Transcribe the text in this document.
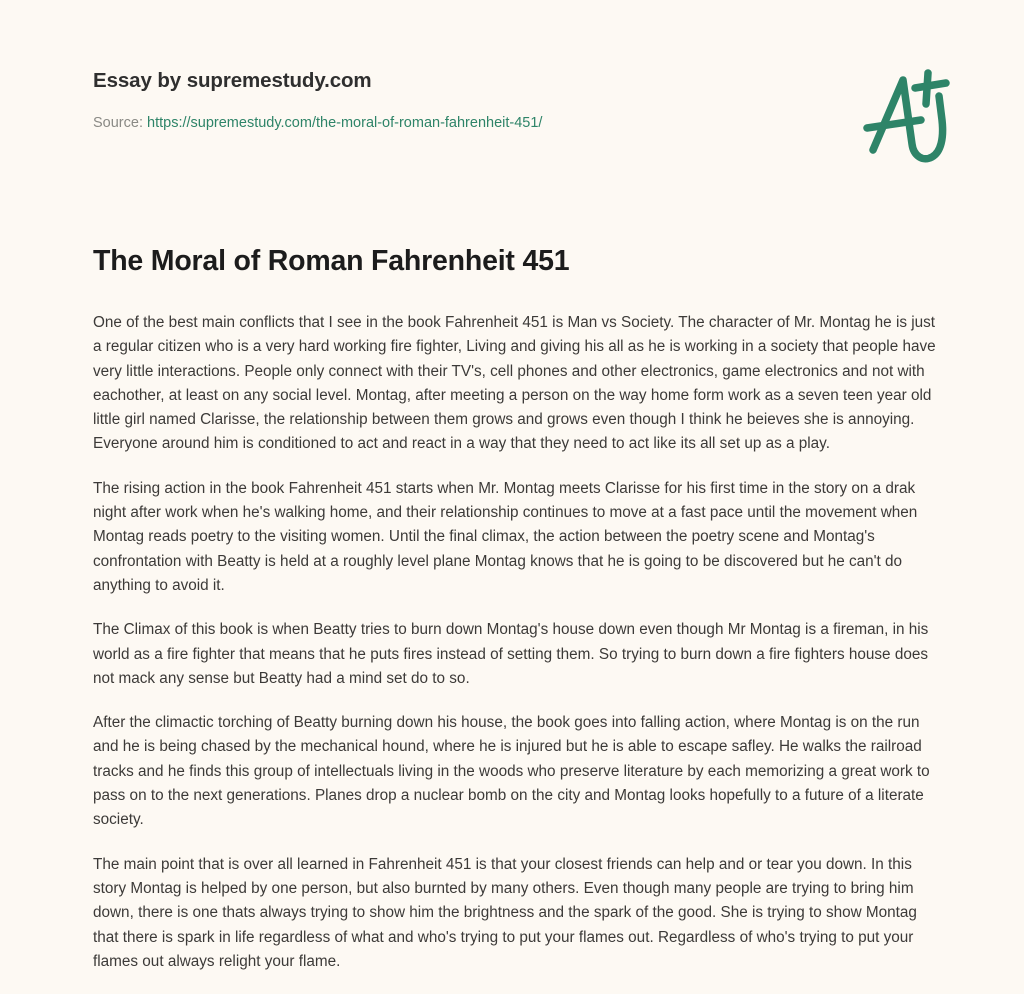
Essay by supremestudy.com
Source: https://supremestudy.com/the-moral-of-roman-fahrenheit-451/
The Moral of Roman Fahrenheit 451

One of the best main conflicts that I see in the book Fahrenheit 451 is Man vs Society. The character of Mr. Montag he is just a regular citizen who is a very hard working fire fighter, Living and giving his all as he is working in a society that people have very little interactions. People only connect with their TV's, cell phones and other electronics, game electronics and not with eachother, at least on any social level. Montag, after meeting a person on the way home form work as a seven teen year old little girl named Clarisse, the relationship between them grows and grows even though I think he beieves she is annoying. Everyone around him is conditioned to act and react in a way that they need to act like its all set up as a play.

The rising action in the book Fahrenheit 451 starts when Mr. Montag meets Clarisse for his first time in the story on a drak night after work when he's walking home, and their relationship continues to move at a fast pace until the movement when Montag reads poetry to the visiting women. Until the final climax, the action between the poetry scene and Montag's confrontation with Beatty is held at a roughly level plane Montag knows that he is going to be discovered but he can't do anything to avoid it.

The Climax of this book is when Beatty tries to burn down Montag's house down even though Mr Montag is a fireman, in his world as a fire fighter that means that he puts fires instead of setting them. So trying to burn down a fire fighters house does not mack any sense but Beatty had a mind set do to so.

After the climactic torching of Beatty burning down his house, the book goes into falling action, where Montag is on the run and he is being chased by the mechanical hound, where he is injured but he is able to escape safley. He walks the railroad tracks and he finds this group of intellectuals living in the woods who preserve literature by each memorizing a great work to pass on to the next generations. Planes drop a nuclear bomb on the city and Montag looks hopefully to a future of a literate society.

The main point that is over all learned in Fahrenheit 451 is that your closest friends can help and or tear you down. In this story Montag is helped by one person, but also burnted by many others. Even though many people are trying to bring him down, there is one thats always trying to show him the brightness and the spark of the good. She is trying to show Montag that there is spark in life regardless of what and who's trying to put your flames out. Regardless of who's trying to put your flames out always relight your flame.
